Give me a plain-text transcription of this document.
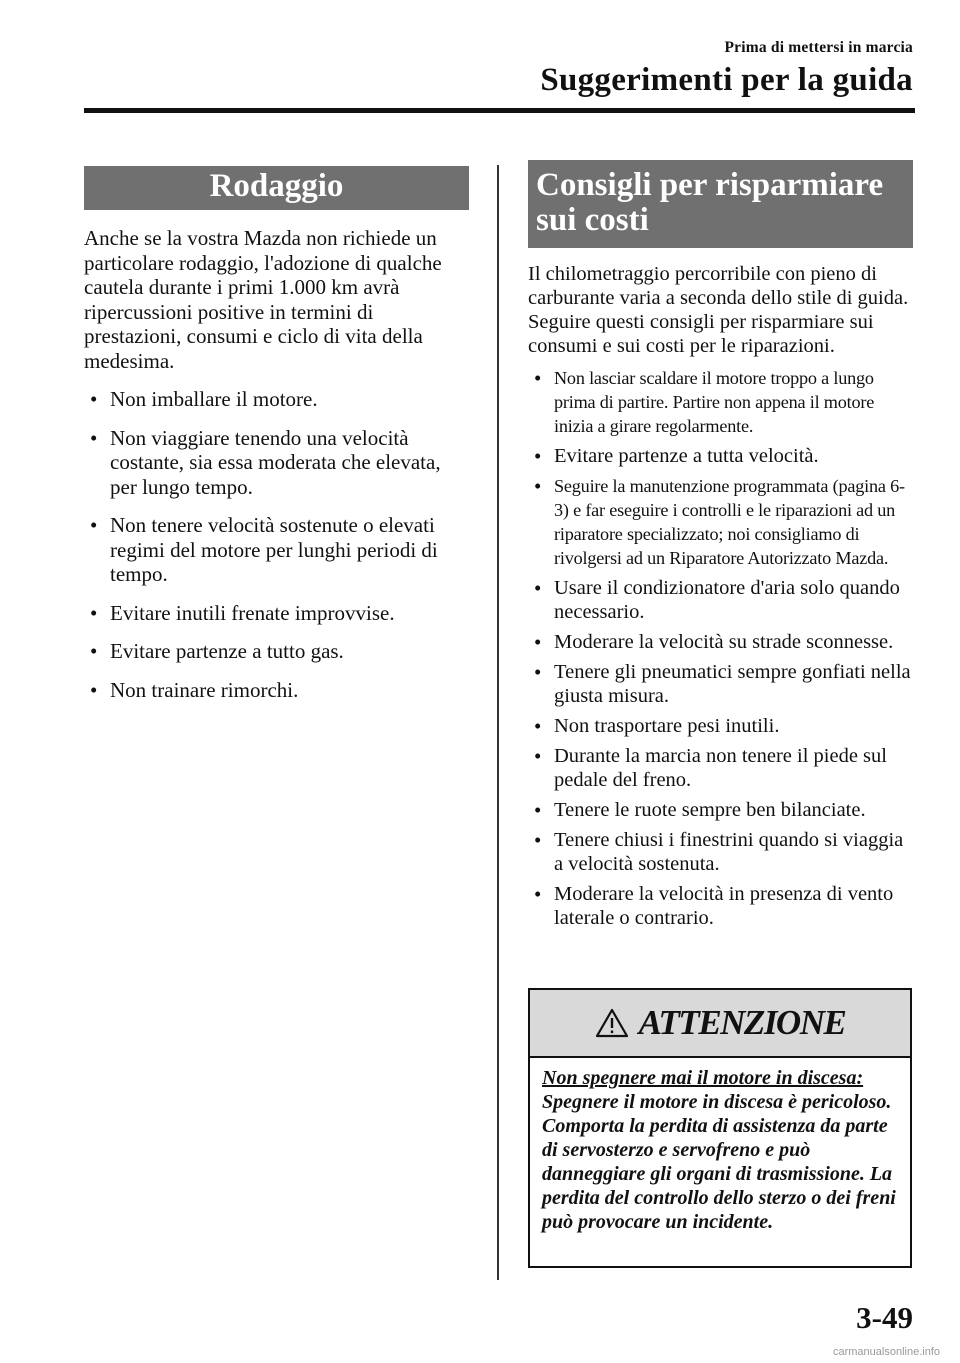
Prima di mettersi in marcia
Suggerimenti per la guida
Rodaggio

Anche se la vostra Mazda non richiede un particolare rodaggio, l'adozione di qualche cautela durante i primi 1.000 km avrà ripercussioni positive in termini di prestazioni, consumi e ciclo di vita della medesima.

• Non imballare il motore.
• Non viaggiare tenendo una velocità costante, sia essa moderata che elevata, per lungo tempo.
• Non tenere velocità sostenute o elevati regimi del motore per lunghi periodi di tempo.
• Evitare inutili frenate improvvise.
• Evitare partenze a tutto gas.
• Non trainare rimorchi.
Consigli per risparmiare
sui costi

Il chilometraggio percorribile con pieno di carburante varia a seconda dello stile di guida. Seguire questi consigli per risparmiare sui consumi e sui costi per le riparazioni.

• Non lasciar scaldare il motore troppo a lungo prima di partire. Partire non appena il motore inizia a girare regolarmente.
• Evitare partenze a tutta velocità.
• Seguire la manutenzione programmata (pagina 6-3) e far eseguire i controlli e le riparazioni ad un riparatore specializzato; noi consigliamo di rivolgersi ad un Riparatore Autorizzato Mazda.
• Usare il condizionatore d'aria solo quando necessario.
• Moderare la velocità su strade sconnesse.
• Tenere gli pneumatici sempre gonfiati nella giusta misura.
• Non trasportare pesi inutili.
• Durante la marcia non tenere il piede sul pedale del freno.
• Tenere le ruote sempre ben bilanciate.
• Tenere chiusi i finestrini quando si viaggia a velocità sostenuta.
• Moderare la velocità in presenza di vento laterale o contrario.
ATTENZIONE
Non spegnere mai il motore in discesa:
Spegnere il motore in discesa è pericoloso. Comporta la perdita di assistenza da parte di servosterzo e servofreno e può danneggiare gli organi di trasmissione. La perdita del controllo dello sterzo o dei freni può provocare un incidente.
3-49
carmanualsonline.info
